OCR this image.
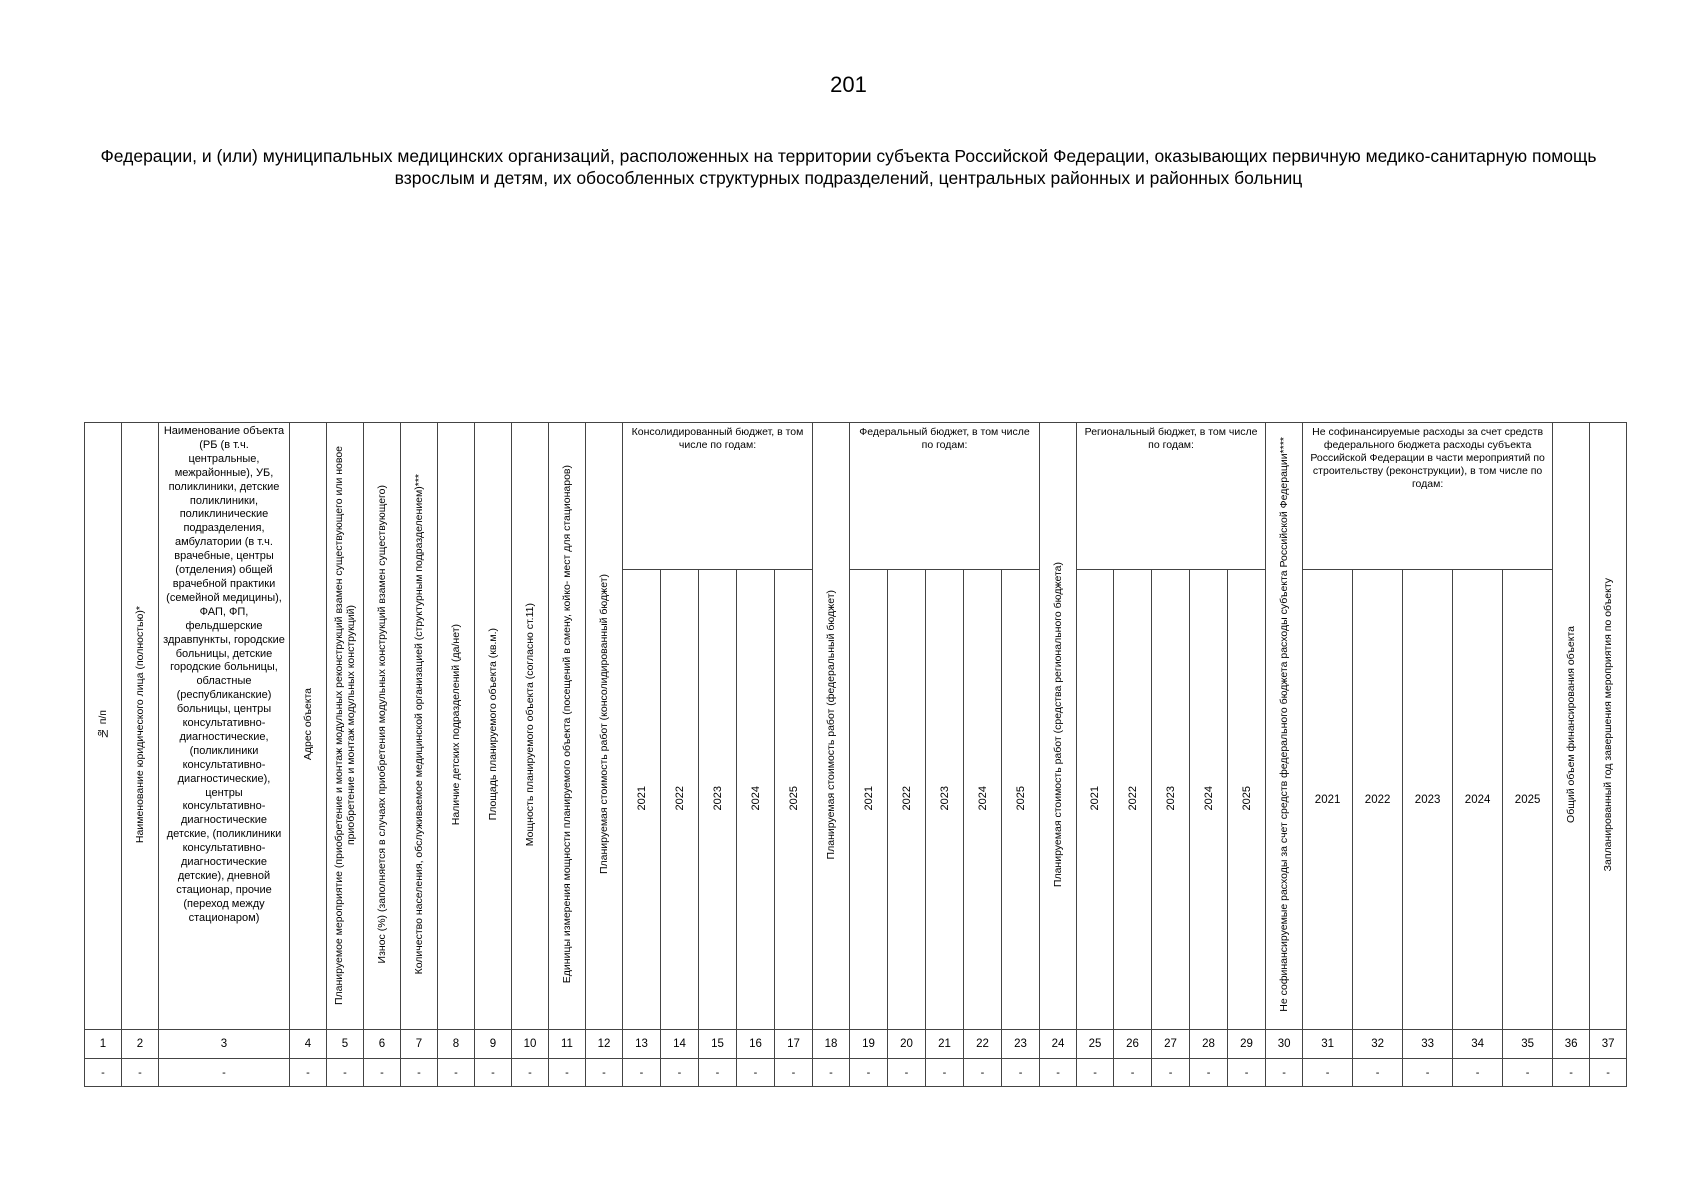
201
Федерации, и (или) муниципальных медицинских организаций, расположенных на территории субъекта Российской Федерации, оказывающих первичную медико-санитарную помощь взрослым и детям, их обособленных структурных подразделений, центральных районных и районных больниц
№ п/п	Наименование юридического лица (полностью)*	Наименование объекта (РБ (в т.ч. центральные, межрайонные), УБ, поликлиники, детские поликлиники, поликлинические подразделения, амбулатории (в т.ч. врачебные, центры (отделения) общей врачебной практики (семейной медицины), ФАП, ФП, фельдшерские здравпункты, городские больницы, детские городские больницы, областные (республиканские) больницы, центры консультативно-диагностические, (поликлиники консультативно-диагностические), центры консультативно-диагностические детские, (поликлиники консультативно-диагностические детские), дневной стационар, прочие (переход между стационаром)	Адрес объекта	Планируемое мероприятие (приобретение и монтаж модульных реконструкций взамен существующего или новое приобретение и монтаж модульных конструкций)	Износ (%) (заполняется в случаях приобретения модульных конструкций взамен существующего)	Количество населения, обслуживаемое медицинской организацией (структурным подразделением)***	Наличие детских подразделений (да/нет)	Площадь планируемого объекта (кв.м.)	Мощность планируемого объекта (согласно ст.11)	Единицы измерения мощности планируемого объекта (посещений в смену, койко- мест для стационаров)	Планируемая стоимость работ (консолидированный бюджет)	Консолидированный бюджет, в том числе по годам:					Планируемая стоимость работ (федеральный бюджет)	Федеральный бюджет, в том числе по годам:					Планируемая стоимость работ (средства регионального бюджета)	Региональный бюджет, в том числе по годам:					Не софинансируемые расходы за счет средств федерального бюджета расходы субъекта Российской Федерации****	Не софинансируемые расходы за счет средств федерального бюджета расходы субъекта Российской Федерации в части мероприятий по строительству (реконструкции), в том числе по годам:					Общий объем финансирования объекта	Запланированный год завершения мероприятия по объекту
												2021	2022	2023	2024	2025		2021	2022	2023	2024	2025		2021	2022	2023	2024	2025		2021	2022	2023	2024	2025		
1	2	3	4	5	6	7	8	9	10	11	12	13	14	15	16	17	18	19	20	21	22	23	24	25	26	27	28	29	30	31	32	33	34	35	36	37
-	-	-	-	-	-	-	-	-	-	-	-	-	-	-	-	-	-	-	-	-	-	-	-	-	-	-	-	-	-	-	-	-	-	-	-	-
